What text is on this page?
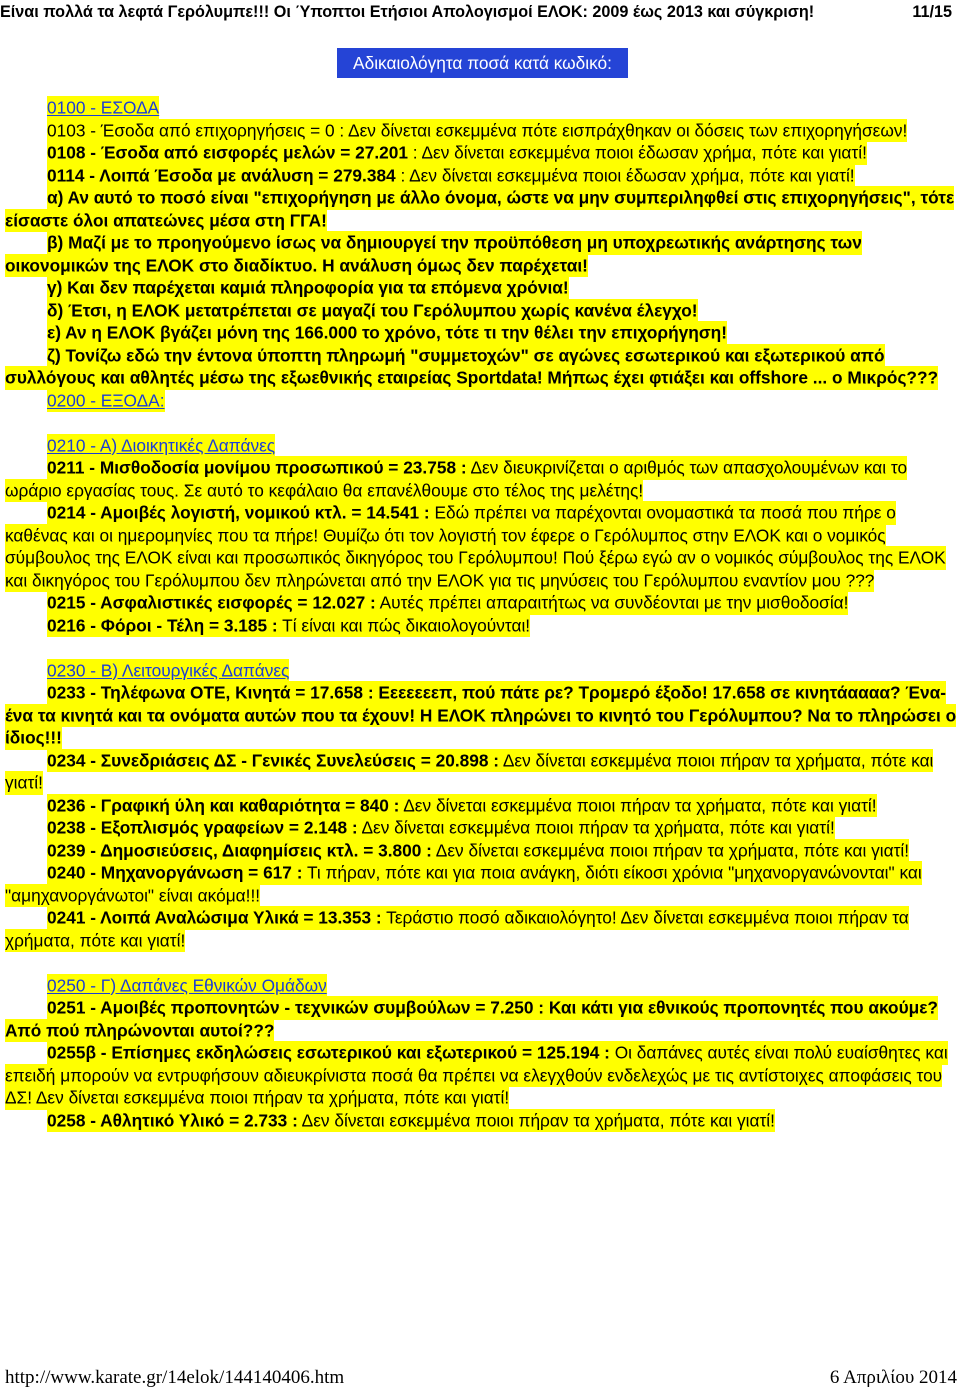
Είναι πολλά τα λεφτά Γερόλυμπε!!! Οι Ύποπτοι Ετήσιοι Απολογισμοί ΕΛΟΚ: 2009 έως 2013 και σύγκριση!	11/15
Αδικαιολόγητα ποσά κατά κωδικό:

0100 - ΕΣΟΔΑ

0103 - Έσοδα από επιχορηγήσεις = 0 : Δεν δίνεται εσκεμμένα πότε εισπράχθηκαν οι δόσεις των επιχορηγήσεων!

0108 - Έσοδα από εισφορές μελών = 27.201 : Δεν δίνεται εσκεμμένα ποιοι έδωσαν χρήμα, πότε και γιατί!

0114 - Λοιπά Έσοδα με ανάλυση = 279.384 : Δεν δίνεται εσκεμμένα ποιοι έδωσαν χρήμα, πότε και γιατί!

α) Αν αυτό το ποσό είναι "επιχορήγηση με άλλο όνομα, ώστε να μην συμπεριληφθεί στις επιχορηγήσεις", τότε είσαστε όλοι απατεώνες μέσα στη ΓΓΑ!

β) Μαζί με το προηγούμενο ίσως να δημιουργεί την προϋπόθεση μη υποχρεωτικής ανάρτησης των οικονομικών της ΕΛΟΚ στο διαδίκτυο. Η ανάλυση όμως δεν παρέχεται!

γ) Και δεν παρέχεται καμιά πληροφορία για τα επόμενα χρόνια!

δ) Έτσι, η ΕΛΟΚ μετατρέπεται σε μαγαζί του Γερόλυμπου χωρίς κανένα έλεγχο!

ε) Αν η ΕΛΟΚ βγάζει μόνη της 166.000 το χρόνο, τότε τι την θέλει την επιχορήγηση!

ζ) Τονίζω εδώ την έντονα ύποπτη πληρωμή "συμμετοχών" σε αγώνες εσωτερικού και εξωτερικού από συλλόγους και αθλητές μέσω της εξωεθνικής εταιρείας Sportdata! Μήπως έχει φτιάξει και offshore ... ο Μικρός???

0200 - ΕΞΟΔΑ:

0210 - Α) Διοικητικές Δαπάνες

0211 - Μισθοδοσία μονίμου προσωπικού = 23.758 : Δεν διευκρινίζεται ο αριθμός των απασχολουμένων και το ωράριο εργασίας τους. Σε αυτό το κεφάλαιο θα επανέλθουμε στο τέλος της μελέτης!

0214 - Αμοιβές λογιστή, νομικού κτλ. = 14.541 : Εδώ πρέπει να παρέχονται ονομαστικά τα ποσά που πήρε ο καθένας και οι ημερομηνίες που τα πήρε! Θυμίζω ότι τον λογιστή τον έφερε ο Γερόλυμπος στην ΕΛΟΚ και ο νομικός σύμβουλος της ΕΛΟΚ είναι και προσωπικός δικηγόρος του Γερόλυμπου! Πού ξέρω εγώ αν ο νομικός σύμβουλος της ΕΛΟΚ και δικηγόρος του Γερόλυμπου δεν πληρώνεται από την ΕΛΟΚ για τις μηνύσεις του Γερόλυμπου εναντίον μου ???

0215 - Ασφαλιστικές εισφορές = 12.027 : Αυτές πρέπει απαραιτήτως να συνδέονται με την μισθοδοσία!

0216 - Φόροι - Τέλη = 3.185 : Τί είναι και πώς δικαιολογούνται!

0230 - Β) Λειτουργικές Δαπάνες

0233 - Τηλέφωνα ΟΤΕ, Κινητά = 17.658 : Εεεεεεεπ, πού πάτε ρε? Τρομερό έξοδο! 17.658 σε κινητάαααα? Ένα-ένα τα κινητά και τα ονόματα αυτών που τα έχουν! Η ΕΛΟΚ πληρώνει το κινητό του Γερόλυμπου? Να το πληρώσει ο ίδιος!!!

0234 - Συνεδριάσεις ΔΣ - Γενικές Συνελεύσεις = 20.898 : Δεν δίνεται εσκεμμένα ποιοι πήραν τα χρήματα, πότε και γιατί!

0236 - Γραφική ύλη και καθαριότητα = 840 : Δεν δίνεται εσκεμμένα ποιοι πήραν τα χρήματα, πότε και γιατί!

0238 - Εξοπλισμός γραφείων = 2.148 : Δεν δίνεται εσκεμμένα ποιοι πήραν τα χρήματα, πότε και γιατί!

0239 - Δημοσιεύσεις, Διαφημίσεις κτλ. = 3.800 : Δεν δίνεται εσκεμμένα ποιοι πήραν τα χρήματα, πότε και γιατί!

0240 - Μηχανοργάνωση = 617 : Τι πήραν, πότε και για ποια ανάγκη, διότι είκοσι χρόνια "μηχανοργανώνονται" και "αμηχανοργάνωτοι" είναι ακόμα!!!

0241 - Λοιπά Αναλώσιμα Υλικά = 13.353 : Τεράστιο ποσό αδικαιολόγητο! Δεν δίνεται εσκεμμένα ποιοι πήραν τα χρήματα, πότε και γιατί!

0250 - Γ) Δαπάνες Εθνικών Ομάδων

0251 - Αμοιβές προπονητών - τεχνικών συμβούλων = 7.250 : Και κάτι για εθνικούς προπονητές που ακούμε? Από πού πληρώνονται αυτοί???

0255β - Επίσημες εκδηλώσεις εσωτερικού και εξωτερικού = 125.194 : Οι δαπάνες αυτές είναι πολύ ευαίσθητες και επειδή μπορούν να εντρυφήσουν αδιευκρίνιστα ποσά θα πρέπει να ελεγχθούν ενδελεχώς με τις αντίστοιχες αποφάσεις του ΔΣ! Δεν δίνεται εσκεμμένα ποιοι πήραν τα χρήματα, πότε και γιατί!

0258 - Αθλητικό Υλικό = 2.733 : Δεν δίνεται εσκεμμένα ποιοι πήραν τα χρήματα, πότε και γιατί!

http://www.karate.gr/14elok/144140406.htm	6 Απριλίου 2014
